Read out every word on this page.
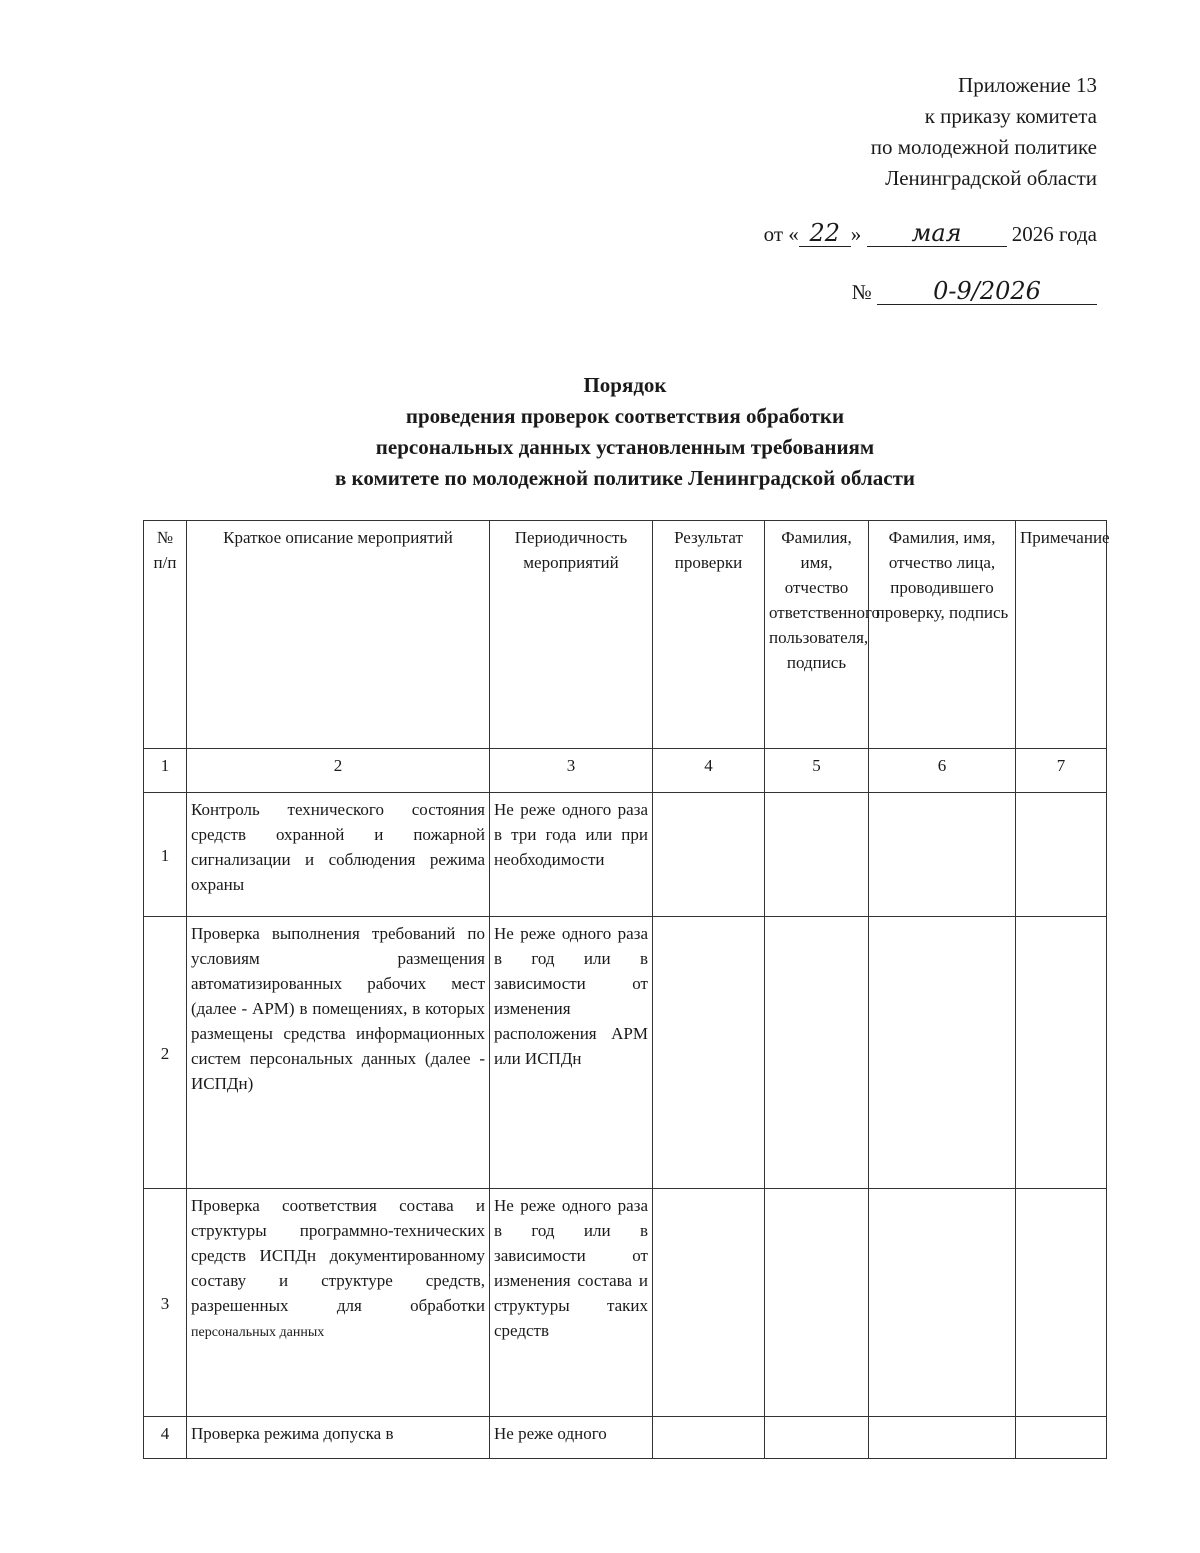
Приложение 13
к приказу комитета
по молодежной политике
Ленинградской области
от « 22 » мая 2026 года
№	0-9/2026
Порядок
проведения проверок соответствия обработки
персональных данных установленным требованиям
в комитете по молодежной политике Ленинградской области
№ п/п	Краткое описание мероприятий	Периодичность мероприятий	Результат проверки	Фамилия, имя, отчество ответственного пользователя, подпись	Фамилия, имя, отчество лица, проводившего проверку, подпись	Примечание
1	2	3	4	5	6	7
1	Контроль технического состояния средств охранной и пожарной сигнализации и соблюдения режима охраны	Не реже одного раза в три года или при необходимости				
2	Проверка выполнения требований по условиям размещения автоматизированных рабочих мест (далее - АРМ) в помещениях, в которых размещены средства информационных систем персональных данных (далее - ИСПДн)	Не реже одного раза в год или в зависимости от изменения расположения АРМ или ИСПДн				
3	Проверка соответствия состава и структуры программно-технических средств ИСПДн документированному составу и структуре средств, разрешенных для обработки персональных данных	Не реже одного раза в год или в зависимости от изменения состава и структуры таких средств				
4	Проверка режима допуска в	Не реже одного				
